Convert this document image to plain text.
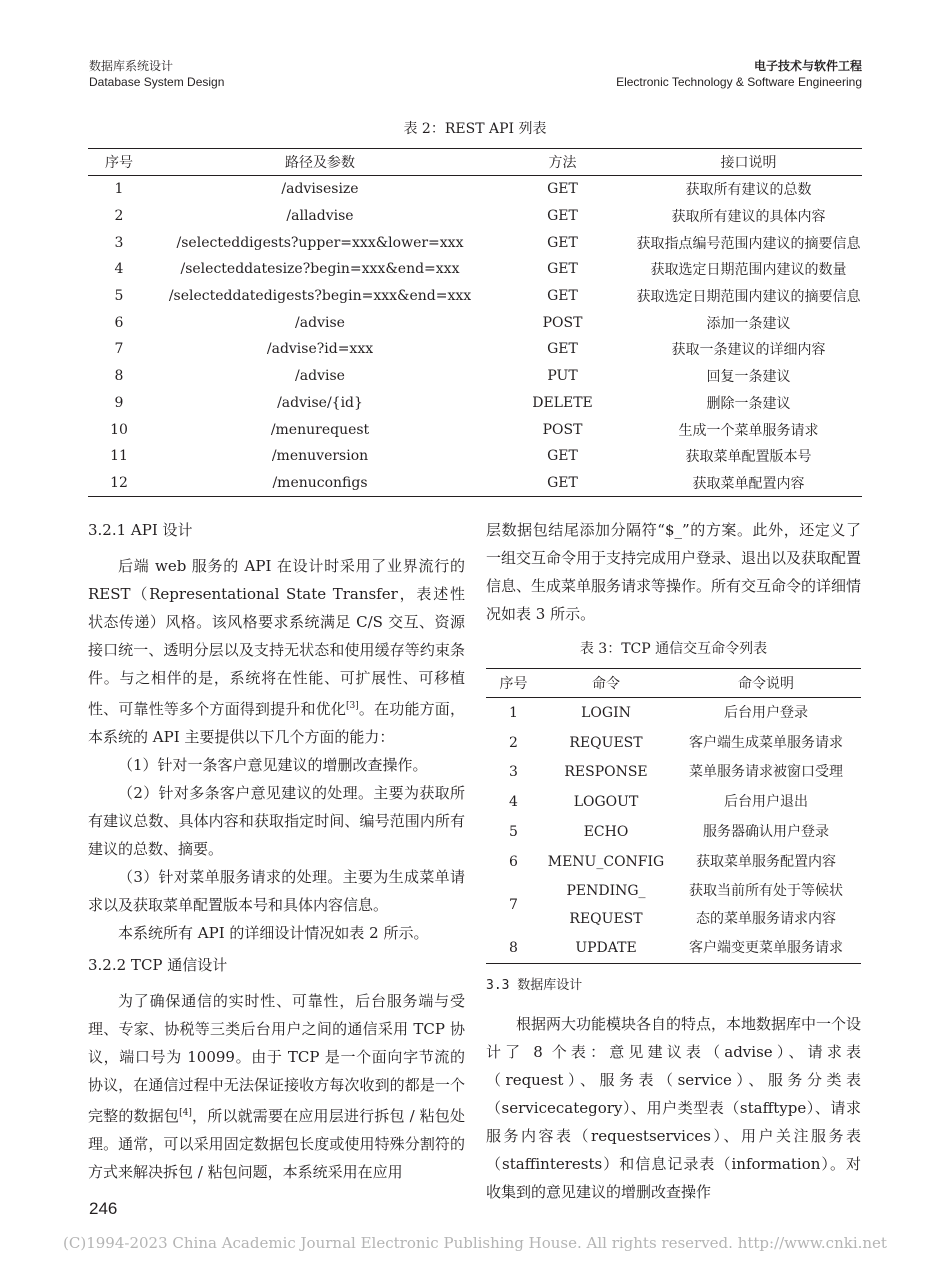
数据库系统设计
Database System Design
电子技术与软件工程
Electronic Technology & Software Engineering
表 2：REST API 列表
序号	路径及参数	方法	接口说明
1	/advisesize	GET	获取所有建议的总数
2	/alladvise	GET	获取所有建议的具体内容
3	/selecteddigests?upper=xxx&lower=xxx	GET	获取指点编号范围内建议的摘要信息
4	/selecteddatesize?begin=xxx&end=xxx	GET	获取选定日期范围内建议的数量
5	/selecteddatedigests?begin=xxx&end=xxx	GET	获取选定日期范围内建议的摘要信息
6	/advise	POST	添加一条建议
7	/advise?id=xxx	GET	获取一条建议的详细内容
8	/advise	PUT	回复一条建议
9	/advise/{id}	DELETE	删除一条建议
10	/menurequest	POST	生成一个菜单服务请求
11	/menuversion	GET	获取菜单配置版本号
12	/menuconfigs	GET	获取菜单配置内容

3.2.1 API 设计

后端 web 服务的 API 在设计时采用了业界流行的 REST（Representational State Transfer，表述性状态传递）风格。该风格要求系统满足 C/S 交互、资源接口统一、透明分层以及支持无状态和使用缓存等约束条件。与之相伴的是，系统将在性能、可扩展性、可移植性、可靠性等多个方面得到提升和优化[3]。在功能方面，本系统的 API 主要提供以下几个方面的能力：

（1）针对一条客户意见建议的增删改查操作。

（2）针对多条客户意见建议的处理。主要为获取所有建议总数、具体内容和获取指定时间、编号范围内所有建议的总数、摘要。

（3）针对菜单服务请求的处理。主要为生成菜单请求以及获取菜单配置版本号和具体内容信息。

本系统所有 API 的详细设计情况如表 2 所示。

3.2.2 TCP 通信设计

为了确保通信的实时性、可靠性，后台服务端与受理、专家、协税等三类后台用户之间的通信采用 TCP 协议，端口号为 10099。由于 TCP 是一个面向字节流的协议，在通信过程中无法保证接收方每次收到的都是一个完整的数据包[4]，所以就需要在应用层进行拆包 / 粘包处理。通常，可以采用固定数据包长度或使用特殊分割符的方式来解决拆包 / 粘包问题，本系统采用在应用

层数据包结尾添加分隔符“$_”的方案。此外，还定义了一组交互命令用于支持完成用户登录、退出以及获取配置信息、生成菜单服务请求等操作。所有交互命令的详细情况如表 3 所示。

表 3：TCP 通信交互命令列表
序号	命令	命令说明
1	LOGIN	后台用户登录

2	REQUEST	客户端生成菜单服务请求

3	RESPONSE	菜单服务请求被窗口受理

4	LOGOUT	后台用户退出

5	ECHO	服务器确认用户登录

6	MENU_CONFIG	获取菜单服务配置内容

7	PENDING_
REQUEST	获取当前所有处于等候状
态的菜单服务请求内容

8	UPDATE	客户端变更菜单服务请求

3.3 数据库设计

根据两大功能模块各自的特点，本地数据库中一个设计了 8 个表：意见建议表（advise）、请求表（request）、服务表（service）、服务分类表（servicecategory）、用户类型表（stafftype）、请求服务内容表（requestservices）、用户关注服务表（staffinterests）和信息记录表（information）。对收集到的意见建议的增删改查操作

246
(C)1994-2023 China Academic Journal Electronic Publishing House. All rights reserved. http://www.cnki.net
